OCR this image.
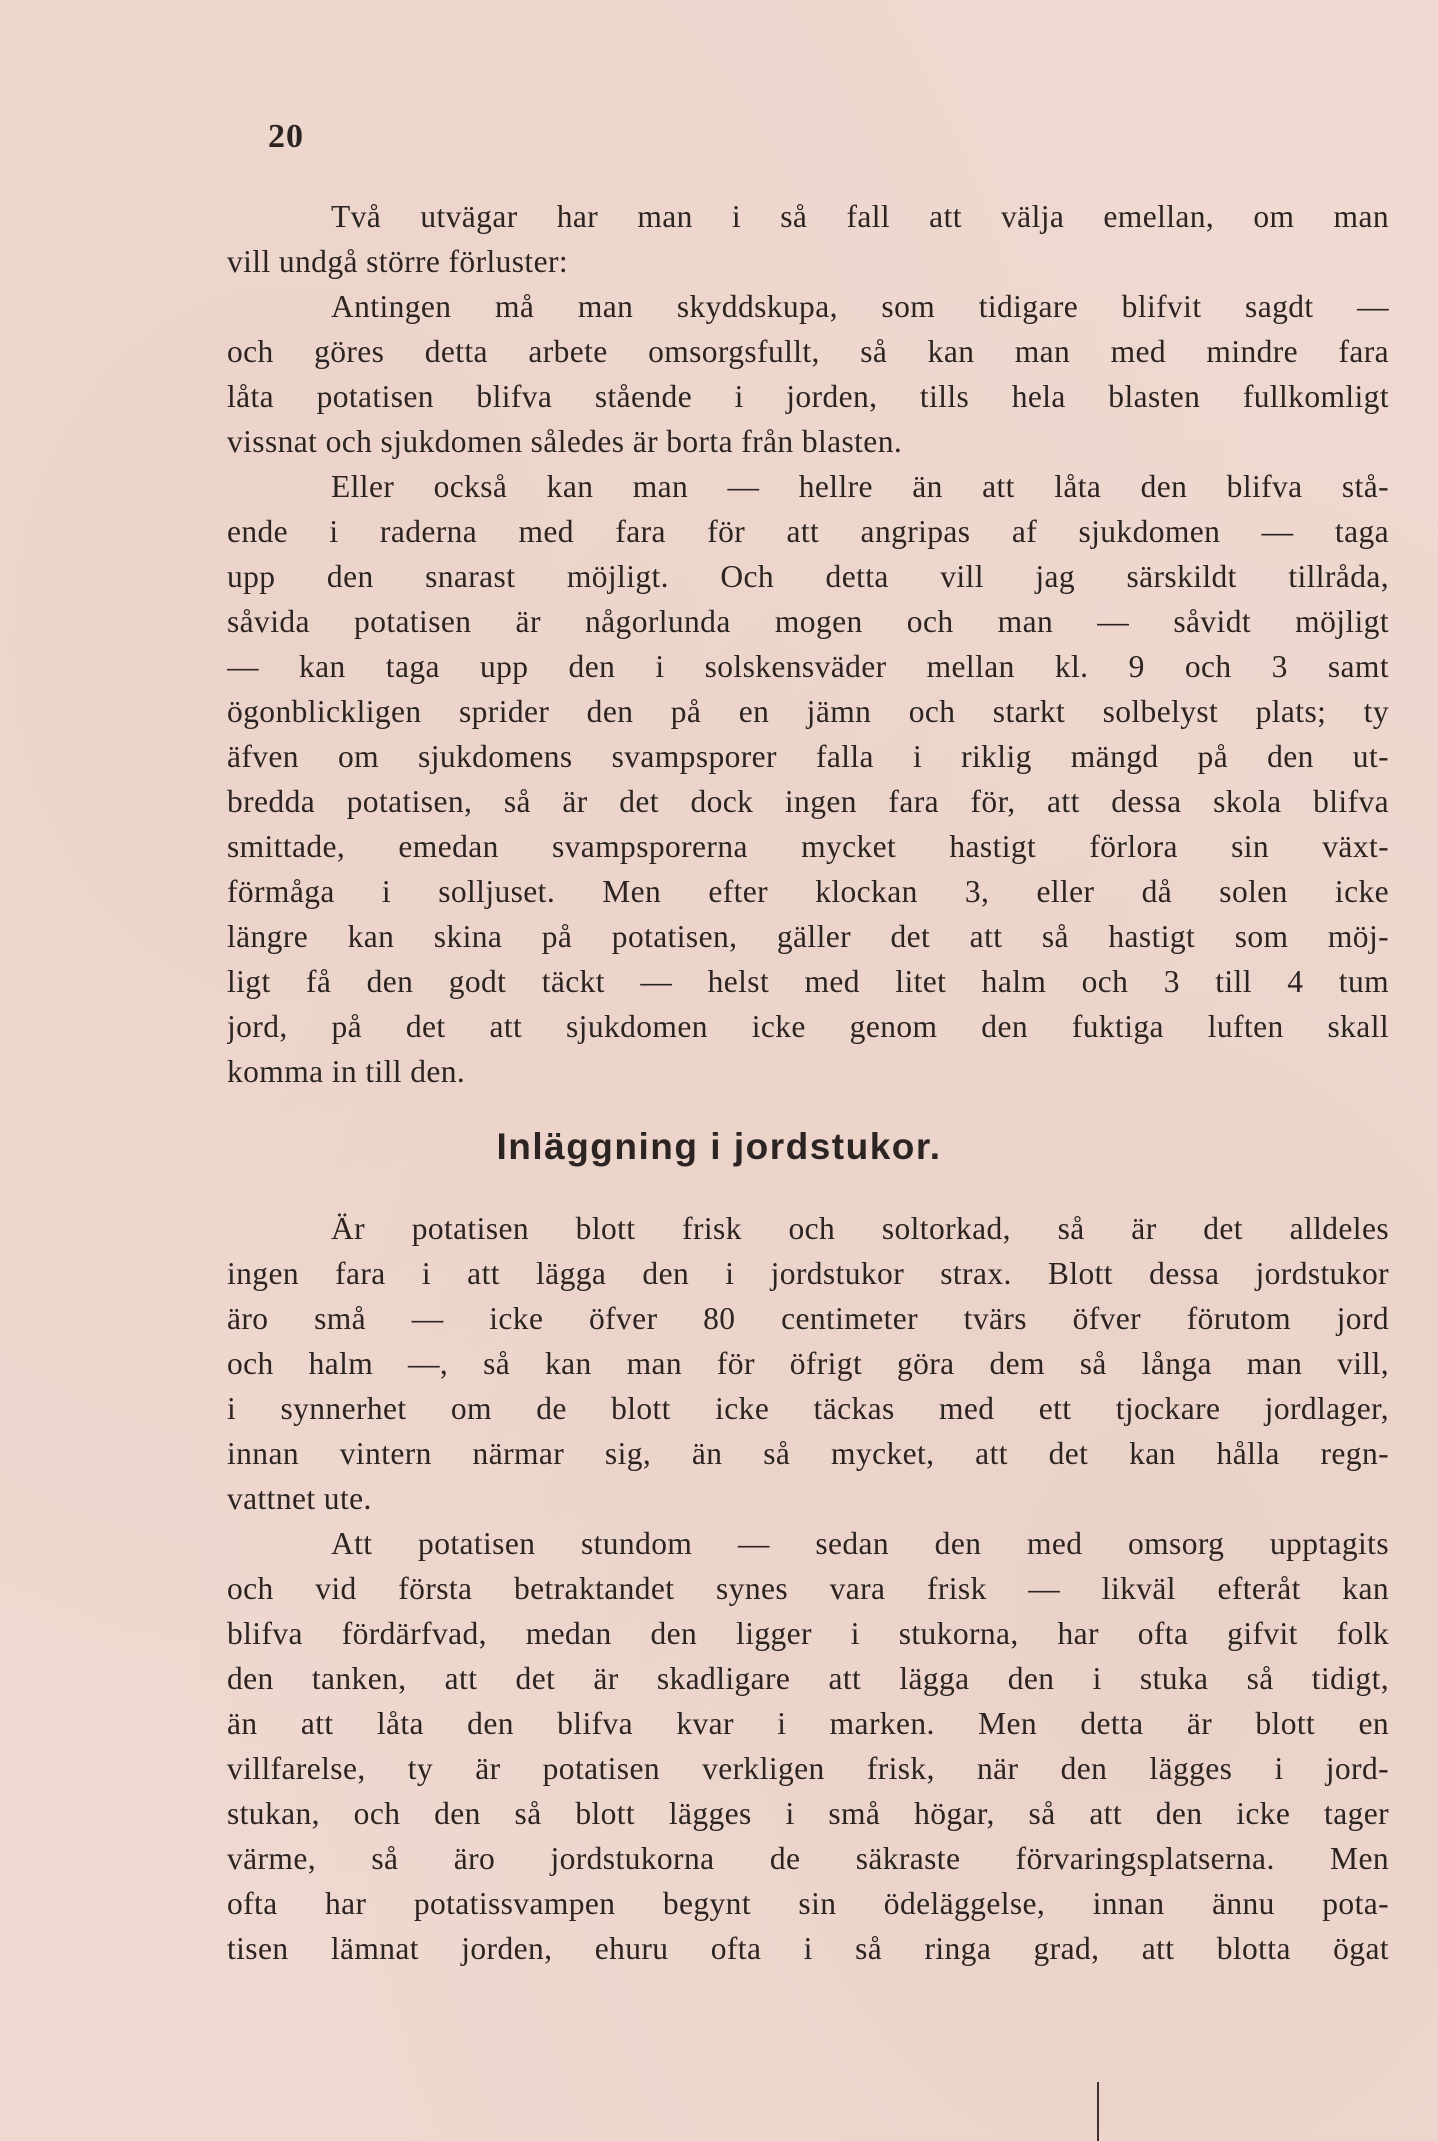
20
Två utvägar har man i så fall att välja emellan, om man
vill undgå större förluster:
Antingen må man skyddskupa, som tidigare blifvit sagdt —
och göres detta arbete omsorgsfullt, så kan man med mindre fara
låta potatisen blifva stående i jorden, tills hela blasten fullkomligt
vissnat och sjukdomen således är borta från blasten.
Eller också kan man — hellre än att låta den blifva stå-
ende i raderna med fara för att angripas af sjukdomen — taga
upp den snarast möjligt. Och detta vill jag särskildt tillråda,
såvida potatisen är någorlunda mogen och man — såvidt möjligt
— kan taga upp den i solskensväder mellan kl. 9 och 3 samt
ögonblickligen sprider den på en jämn och starkt solbelyst plats; ty
äfven om sjukdomens svampsporer falla i riklig mängd på den ut-
bredda potatisen, så är det dock ingen fara för, att dessa skola blifva
smittade, emedan svampsporerna mycket hastigt förlora sin växt-
förmåga i solljuset. Men efter klockan 3, eller då solen icke
längre kan skina på potatisen, gäller det att så hastigt som möj-
ligt få den godt täckt — helst med litet halm och 3 till 4 tum
jord, på det att sjukdomen icke genom den fuktiga luften skall
komma in till den.
Inläggning i jordstukor.
Är potatisen blott frisk och soltorkad, så är det alldeles
ingen fara i att lägga den i jordstukor strax. Blott dessa jordstukor
äro små — icke öfver 80 centimeter tvärs öfver förutom jord
och halm —, så kan man för öfrigt göra dem så långa man vill,
i synnerhet om de blott icke täckas med ett tjockare jordlager,
innan vintern närmar sig, än så mycket, att det kan hålla regn-
vattnet ute.
Att potatisen stundom — sedan den med omsorg upptagits
och vid första betraktandet synes vara frisk — likväl efteråt kan
blifva fördärfvad, medan den ligger i stukorna, har ofta gifvit folk
den tanken, att det är skadligare att lägga den i stuka så tidigt,
än att låta den blifva kvar i marken. Men detta är blott en
villfarelse, ty är potatisen verkligen frisk, när den lägges i jord-
stukan, och den så blott lägges i små högar, så att den icke tager
värme, så äro jordstukorna de säkraste förvaringsplatserna. Men
ofta har potatissvampen begynt sin ödeläggelse, innan ännu pota-
tisen lämnat jorden, ehuru ofta i så ringa grad, att blotta ögat
